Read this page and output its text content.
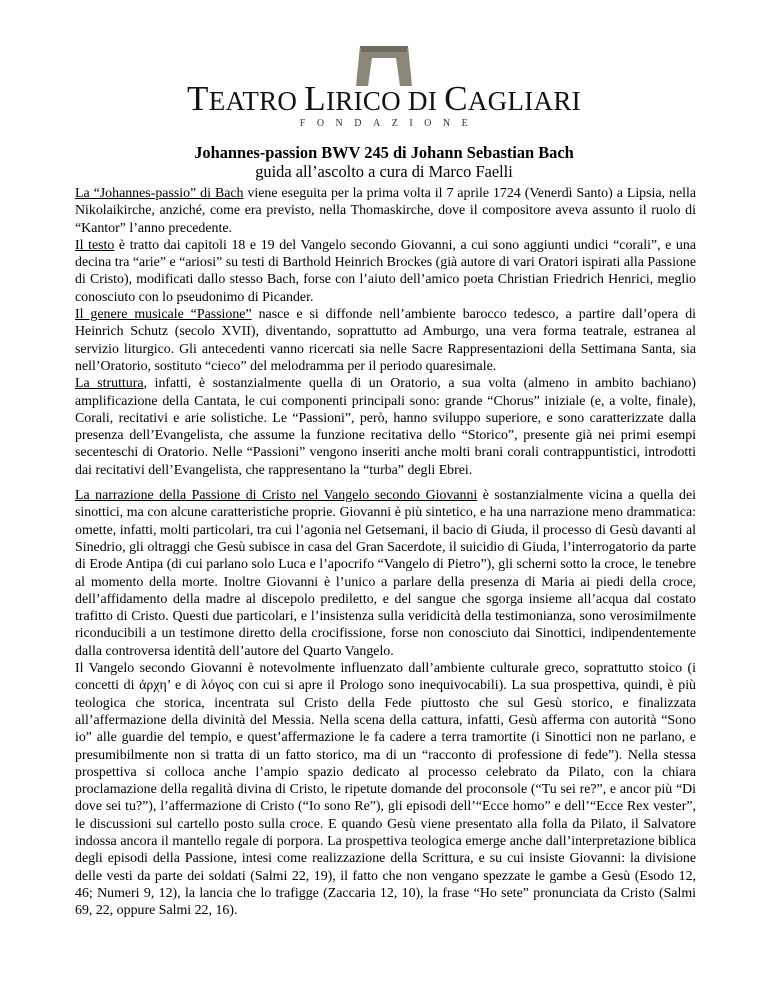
TEATRO LIRICO DI CAGLIARI
FONDAZIONE
Johannes-passion BWV 245 di Johann Sebastian Bach
guida all’ascolto a cura di Marco Faelli

La “Johannes-passio” di Bach viene eseguita per la prima volta il 7 aprile 1724 (Venerdì Santo) a Lipsia, nella Nikolaikirche, anziché, come era previsto, nella Thomaskirche, dove il compositore aveva assunto il ruolo di “Kantor” l’anno precedente.

Il testo è tratto dai capitoli 18 e 19 del Vangelo secondo Giovanni, a cui sono aggiunti undici “corali”, e una decina tra “arie” e “ariosi” su testi di Barthold Heinrich Brockes (già autore di vari Oratori ispirati alla Passione di Cristo), modificati dallo stesso Bach, forse con l’aiuto dell’amico poeta Christian Friedrich Henrici, meglio conosciuto con lo pseudonimo di Picander.

Il genere musicale “Passione” nasce e si diffonde nell’ambiente barocco tedesco, a partire dall’opera di Heinrich Schutz (secolo XVII), diventando, soprattutto ad Amburgo, una vera forma teatrale, estranea al servizio liturgico. Gli antecedenti vanno ricercati sia nelle Sacre Rappresentazioni della Settimana Santa, sia nell’Oratorio, sostituto “cieco” del melodramma per il periodo quaresimale.

La struttura, infatti, è sostanzialmente quella di un Oratorio, a sua volta (almeno in ambito bachiano) amplificazione della Cantata, le cui componenti principali sono: grande “Chorus” iniziale (e, a volte, finale), Corali, recitativi e arie solistiche. Le “Passioni”, però, hanno sviluppo superiore, e sono caratterizzate dalla presenza dell’Evangelista, che assume la funzione recitativa dello “Storico”, presente già nei primi esempi secenteschi di Oratorio. Nelle “Passioni” vengono inseriti anche molti brani corali contrappuntistici, introdotti dai recitativi dell’Evangelista, che rappresentano la “turba” degli Ebrei.

La narrazione della Passione di Cristo nel Vangelo secondo Giovanni è sostanzialmente vicina a quella dei sinottici, ma con alcune caratteristiche proprie. Giovanni è più sintetico, e ha una narrazione meno drammatica: omette, infatti, molti particolari, tra cui l’agonia nel Getsemani, il bacio di Giuda, il processo di Gesù davanti al Sinedrio, gli oltraggi che Gesù subisce in casa del Gran Sacerdote, il suicidio di Giuda, l’interrogatorio da parte di Erode Antipa (di cui parlano solo Luca e l’apocrifo “Vangelo di Pietro”), gli scherni sotto la croce, le tenebre al momento della morte. Inoltre Giovanni è l’unico a parlare della presenza di Maria ai piedi della croce, dell’affidamento della madre al discepolo prediletto, e del sangue che sgorga insieme all’acqua dal costato trafitto di Cristo. Questi due particolari, e l’insistenza sulla veridicità della testimonianza, sono verosimilmente riconducibili a un testimone diretto della crocifissione, forse non conosciuto dai Sinottici, indipendentemente dalla controversa identità dell’autore del Quarto Vangelo.

Il Vangelo secondo Giovanni è notevolmente influenzato dall’ambiente culturale greco, soprattutto stoico (i concetti di ἀρχη’ e di λόγος con cui si apre il Prologo sono inequivocabili). La sua prospettiva, quindi, è più teologica che storica, incentrata sul Cristo della Fede piuttosto che sul Gesù storico, e finalizzata all’affermazione della divinità del Messia. Nella scena della cattura, infatti, Gesù afferma con autorità “Sono io” alle guardie del tempio, e quest’affermazione le fa cadere a terra tramortite (i Sinottici non ne parlano, e presumibilmente non si tratta di un fatto storico, ma di un “racconto di professione di fede”). Nella stessa prospettiva si colloca anche l’ampio spazio dedicato al processo celebrato da Pilato, con la chiara proclamazione della regalità divina di Cristo, le ripetute domande del proconsole (“Tu sei re?”, e ancor più “Di dove sei tu?”), l’affermazione di Cristo (“Io sono Re”), gli episodi dell’“Ecce homo” e dell’“Ecce Rex vester”, le discussioni sul cartello posto sulla croce. E quando Gesù viene presentato alla folla da Pilato, il Salvatore indossa ancora il mantello regale di porpora. La prospettiva teologica emerge anche dall’interpretazione biblica degli episodi della Passione, intesi come realizzazione della Scrittura, e su cui insiste Giovanni: la divisione delle vesti da parte dei soldati (Salmi 22, 19), il fatto che non vengano spezzate le gambe a Gesù (Esodo 12, 46; Numeri 9, 12), la lancia che lo trafigge (Zaccaria 12, 10), la frase “Ho sete” pronunciata da Cristo (Salmi 69, 22, oppure Salmi 22, 16).
